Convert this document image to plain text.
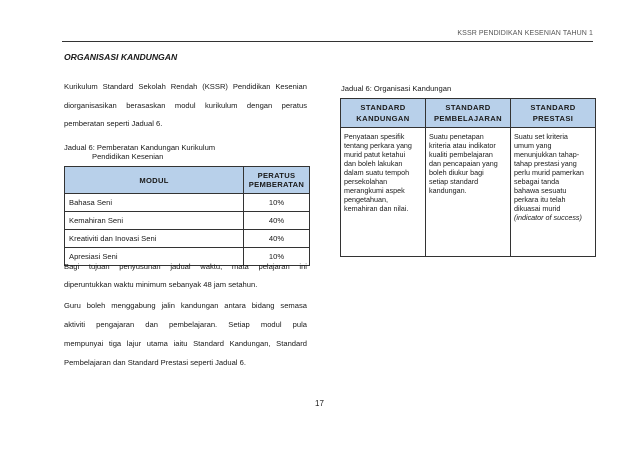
KSSR PENDIDIKAN KESENIAN TAHUN 1
ORGANISASI KANDUNGAN
Kurikulum Standard Sekolah Rendah (KSSR) Pendidikan Kesenian diorganisasikan berasaskan modul kurikulum dengan peratus pemberatan seperti Jadual 6.
Jadual 6: Pemberatan Kandungan Kurikulum
Pendidikan Kesenian
MODUL	PERATUS PEMBERATAN
Bahasa Seni	10%
Kemahiran Seni	40%
Kreativiti dan Inovasi Seni	40%
Apresiasi Seni	10%
Bagi tujuan penyusunan jadual waktu, mata pelajaran ini
diperuntukkan waktu minimum sebanyak 48 jam setahun.
Guru boleh menggabung jalin kandungan antara bidang semasa
aktiviti pengajaran dan pembelajaran. Setiap modul pula
mempunyai tiga lajur utama iaitu Standard Kandungan, Standard
Pembelajaran dan Standard Prestasi seperti Jadual 6.
Jadual 6: Organisasi Kandungan
STANDARD KANDUNGAN	STANDARD PEMBELAJARAN	STANDARD PRESTASI

Penyataan spesifik tentang perkara yang murid patut ketahui dan boleh lakukan dalam suatu tempoh persekolahan merangkumi aspek pengetahuan, kemahiran dan nilai.	Suatu penetapan kriteria atau indikator kualiti pembelajaran dan pencapaian yang boleh diukur bagi setiap standard kandungan.	Suatu set kriteria umum yang menunjukkan tahap-tahap prestasi yang perlu murid pamerkan sebagai tanda bahawa sesuatu perkara itu telah dikuasai murid
(indicator of success)
17
